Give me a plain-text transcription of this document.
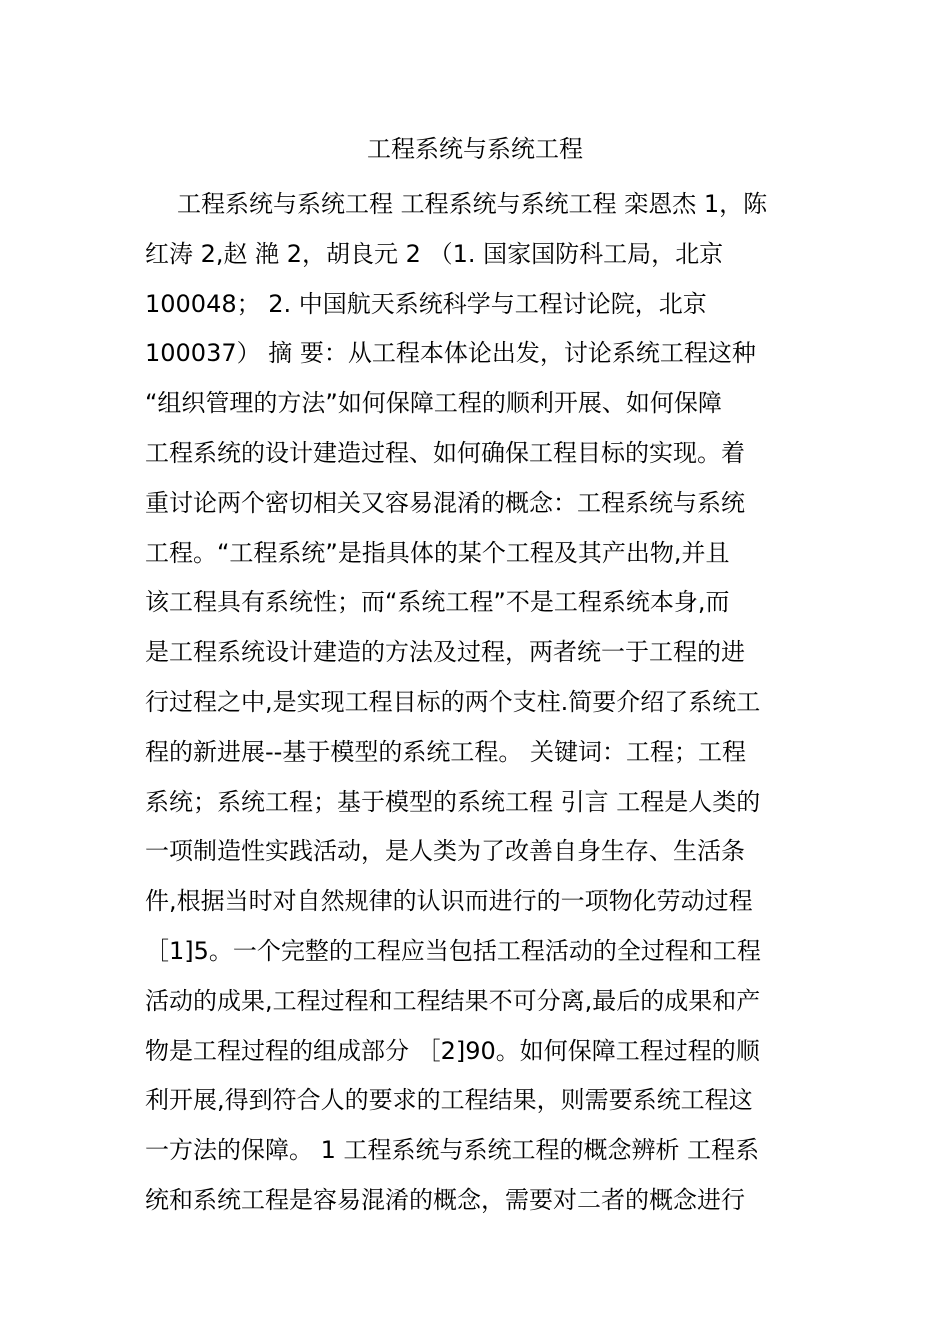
工程系统与系统工程
工程系统与系统工程 工程系统与系统工程 栾恩杰 1，陈
红涛 2,赵 滟 2，胡良元 2 （1. 国家国防科工局，北京
100048； 2. 中国航天系统科学与工程讨论院，北京
100037） 摘 要：从工程本体论出发，讨论系统工程这种
“组织管理的方法”如何保障工程的顺利开展、如何保障
工程系统的设计建造过程、如何确保工程目标的实现。着
重讨论两个密切相关又容易混淆的概念：工程系统与系统
工程。“工程系统”是指具体的某个工程及其产出物,并且
该工程具有系统性；而“系统工程”不是工程系统本身,而
是工程系统设计建造的方法及过程，两者统一于工程的进
行过程之中,是实现工程目标的两个支柱.简要介绍了系统工
程的新进展--基于模型的系统工程。 关键词：工程；工程
系统；系统工程；基于模型的系统工程 引言 工程是人类的
一项制造性实践活动，是人类为了改善自身生存、生活条
件,根据当时对自然规律的认识而进行的一项物化劳动过程
［1]5。一个完整的工程应当包括工程活动的全过程和工程
活动的成果,工程过程和工程结果不可分离,最后的成果和产
物是工程过程的组成部分 ［2]90。如何保障工程过程的顺
利开展,得到符合人的要求的工程结果，则需要系统工程这
一方法的保障。 1 工程系统与系统工程的概念辨析 工程系
统和系统工程是容易混淆的概念，需要对二者的概念进行
